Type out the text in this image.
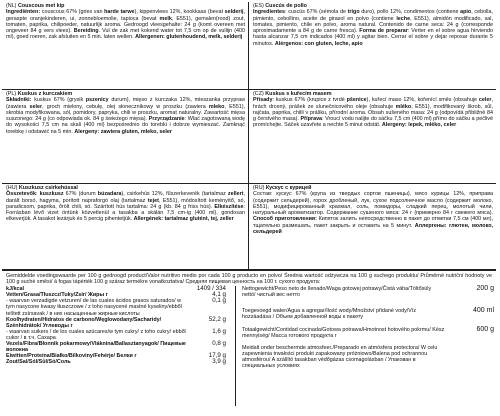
(NL) Couscous met kip
Ingrediënten: couscous 67% (gries van harde tarwe), kippenvlees 12%, kookkaas (bevat selderij, geraspte oranjekinderen, ui, zonnebloemolie, tapioca (bevat melk, E551), gemalen(rood) zout, tomaten, paprika, chilipoeder, natuurlijk aroma. Gedroogd vleesgehalte: 24 g (komt overeen met ongeveer 84 g vers vlees). Bereiding. Vul de zak met kokend water tot 7,5 cm op de vullijn (400 ml), goed roeren, zak afsluiten en 5 min. laten wellen. Allergenen: glutenhoudend, melk, selderij

(ES) Cuscús de pollo
Ingredientes: cuscús 67% (sémola de trigo duro), pollo 12%, condimentos (contiene apio, cebolla, pimiento, cebollino, aceite de girasol en polvo (contiene leche, E551), almidón modificado, sal, tomates, pimiento, chile en polvo, aroma natural. Contenido de carne seca: 24 g (corresponde aproximadamente a 84 g de carne fresca). Forma de preparar: Verter en el sobre agua hirviendo hasta alcanzar 7,5 cm indicados (400 ml) y agitar bien. Cerrar el sobre y dejar reposar durante 5 minutos. Alérgenos: con gluten, leche, apio

(PL) Kuskus z kurczakiem
Składniki: kuskus 67% (grysik pszenicy durum), mięso z kurczaka 12%, mieszanka przypraw (zawiera seler, groch mielony, cebulę, olej słonecznikowy w proszku (zawiera mleko, E551), skrobia modyfikowana, sól, pomidory, papryka, chili w proszku, aromat naturalny. Zawartość mięsa suszonego: 24 g (co odpowiada ok. 84 g świeżego mięsa). Przyrządzanie: Wlać zagotowaną wodę do wysokości 7,5 cm na skali (400 ml) bezpośrednio do torebki i dobrze wymieszać. Zamknąć torebkę i odstawić na 5 min. Alergeny: zawiera gluten, mleko, seler

(CZ) Kuskus s kuřecím masem
Přísady: kuskus 67% (krupice z tvrdé pšenice), kuřecí maso 12%, kořenící směs (obsahuje celer, hrách drcený, prášek ze slunečnicového oleje (obsahuje mléko, E551), modifikovaný škrob, sůl, rajčata, paprika, chilli v prášku, přírodní aroma. Obsah sušeného masa: 24 g (odpovídá přibližně 84 g čerstvého masa). Příprava: Vroucí vodu nalijte do sáčku 7,5 cm (400 ml) přímo do sáčku a pečlivě promíchejte. Sáček uzavřete a nechte 5 minut odstát. Alergeny: lepek, mléko, celer

(HU) Kuszkusz csirkehússal
Összetevők: kuszkusz 67% (durum búzadara), csirkehús 12%, fűszerkeverék (tartalmaz zellert, darált borsó, hagyma, porított napraforgó olaj (tartalmaz tejet, E551), módosított keményítő, só, paradicsom, paprika, őrölt chili, só. Szárított hús tartalma: 24 g (kb. 84 g friss hús). Elkészítése: Forrásban lévő vizet öntünk közvetlenül a tasakba a skálán 7,5 cm-ig (400 ml), gondosan elkeverjük. A tasakot lezárjuk és 5 percig pihentetjük. Allergének: tartalmaz glutént, tej, zeller

(RU) Кускус с курицей
Состав: кускус 67% (крупа из твердых сортов пшеницы), мясо курицы 12%, приправа (содержит сельдерей), горох дробленый, лук, сухое подсолнечное масло (содержит молоко, E551), модифицированный крахмал, соль, помидоры, сладкий перец, молотый чили, натуральный ароматизатор. Содержание сушеного мяса: 24 г (примерно 84 г свежего мяса). Способ приготовления: Кипяток залить непосредственно в пакет до отметки 7,5 см (400 мл), тщательно размешать, пакет закрыть и оставить на 5 минут. Аллергены: глютен, молоко, сельдерей

Gemiddelde voedingswaarde per 100 g gedroogd product/Valor nutritivo medio por cada 100 g producto en polvo/ Średnia wartość odżywcza na 100 g suchego produktu/ Průměrné nutriční hodnoty ve 100 g suché směsi/ á fogas tápérték 100 g száraz termékre vonatkoztatva/ Средняя пищевая ценность на 100 г. сухого продукта:
kJ/kcal	1409 / 334
Vetten/Grasa/Tłuszcz/Tuky/Zsír/ Жиры г	4,1 g
- waarvan verzadigde vetzuren/ de las cuales ácidos grasos saturados/ w tym nasycone kwasy tłuszczowe / z toho nasycené mastné kyseliny/ebből telített zsírsavak / в них насыщенные жирные кислоты
0,1 g
Koolhydraten/Hidratos de carbono/Węglowodany/Sacharidy/ Szénhidrátok/ Углеводы г
52,2 g
- waarvan suikers / de los cuales azúcares/w tym cukry/ z toho cukry/ ebből cukor / в т.ч. Сахара
1,6 g
Vezels/Fibra/Błonnik pokarmowy/Vláknina/Ballasztanyagok/ Пищевые волокна
0,8 g
Eiwitten/Proteína/Białko/Bílkoviny/Fehérje/ Белки г	17,9 g
Zout/Sal/Sól/Sůl/Só/Соль	3,9 g
Nettogewicht/Peso neto de llenado/Waga gotowej potrawy/Čistá váha/Töltősúly nettó/ чистый вес нетто
200 g
Toegevoegd water/Agua a agregar/Ilość wody/Množství přidané vody/Víz hozzáadása / Объем добавленной воды к пакету
400 ml
Totaalgewicht/Contidad cocinada/Gotowa potrawa/Hmotnost hotového pokrmu/ Kész mennyiség/ Масса готового продукта г
600 g
Meidalt onder beschermde atmosfeer./Preparado en atmósfera protectora/ W celu zapewnienia trwałości produkt zapakowany próżniowo/Balena pod ochrannou atmosférou/ A szállító tasakban védőgázas csomagolásban / Упакован в специальных условиях
